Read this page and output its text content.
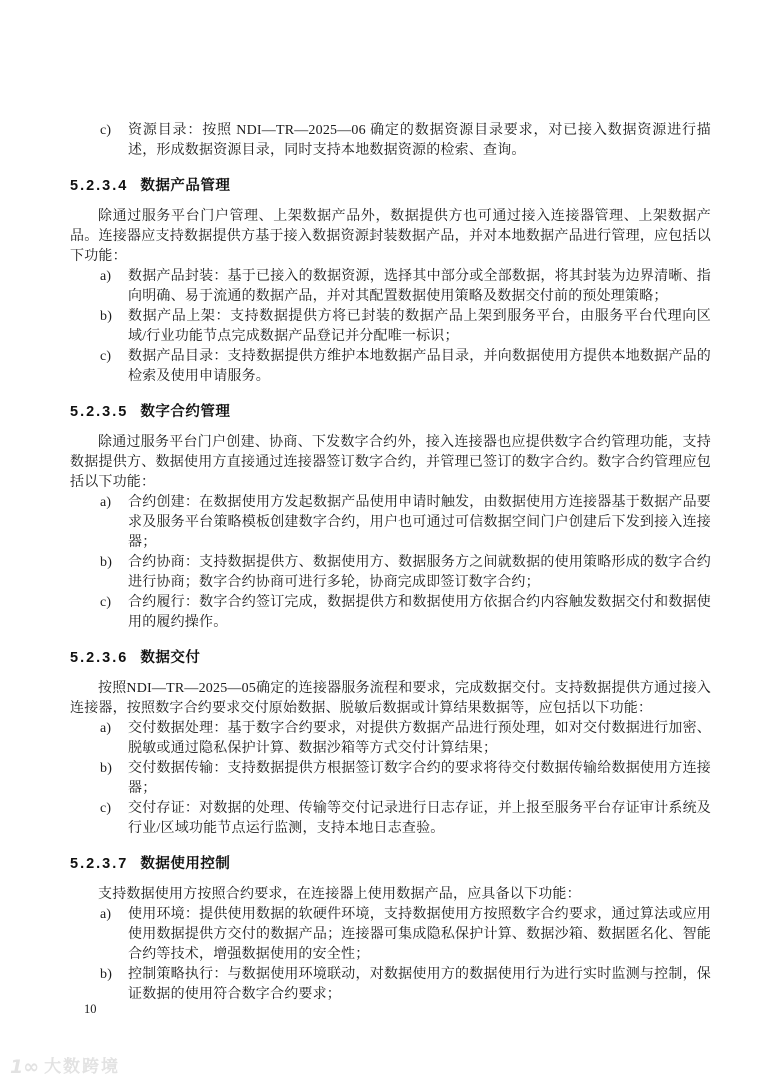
c) 资源目录：按照 NDI—TR—2025—06 确定的数据资源目录要求，对已接入数据资源进行描述，形成数据资源目录，同时支持本地数据资源的检索、查询。
5.2.3.4 数据产品管理

除通过服务平台门户管理、上架数据产品外，数据提供方也可通过接入连接器管理、上架数据产品。连接器应支持数据提供方基于接入数据资源封装数据产品，并对本地数据产品进行管理，应包括以下功能：

a) 数据产品封装：基于已接入的数据资源，选择其中部分或全部数据，将其封装为边界清晰、指向明确、易于流通的数据产品，并对其配置数据使用策略及数据交付前的预处理策略；
b) 数据产品上架：支持数据提供方将已封装的数据产品上架到服务平台，由服务平台代理向区域/行业功能节点完成数据产品登记并分配唯一标识；
c) 数据产品目录：支持数据提供方维护本地数据产品目录，并向数据使用方提供本地数据产品的检索及使用申请服务。
5.2.3.5 数字合约管理

除通过服务平台门户创建、协商、下发数字合约外，接入连接器也应提供数字合约管理功能，支持数据提供方、数据使用方直接通过连接器签订数字合约，并管理已签订的数字合约。数字合约管理应包括以下功能：

a) 合约创建：在数据使用方发起数据产品使用申请时触发，由数据使用方连接器基于数据产品要求及服务平台策略模板创建数字合约，用户也可通过可信数据空间门户创建后下发到接入连接器；
b) 合约协商：支持数据提供方、数据使用方、数据服务方之间就数据的使用策略形成的数字合约进行协商；数字合约协商可进行多轮，协商完成即签订数字合约；
c) 合约履行：数字合约签订完成，数据提供方和数据使用方依据合约内容触发数据交付和数据使用的履约操作。
5.2.3.6 数据交付

按照NDI—TR—2025—05确定的连接器服务流程和要求，完成数据交付。支持数据提供方通过接入连接器，按照数字合约要求交付原始数据、脱敏后数据或计算结果数据等，应包括以下功能：

a) 交付数据处理：基于数字合约要求，对提供方数据产品进行预处理，如对交付数据进行加密、脱敏或通过隐私保护计算、数据沙箱等方式交付计算结果；
b) 交付数据传输：支持数据提供方根据签订数字合约的要求将待交付数据传输给数据使用方连接器；
c) 交付存证：对数据的处理、传输等交付记录进行日志存证，并上报至服务平台存证审计系统及行业/区域功能节点运行监测，支持本地日志查验。
5.2.3.7 数据使用控制

支持数据使用方按照合约要求，在连接器上使用数据产品，应具备以下功能：

a) 使用环境：提供使用数据的软硬件环境，支持数据使用方按照数字合约要求，通过算法或应用使用数据提供方交付的数据产品；连接器可集成隐私保护计算、数据沙箱、数据匿名化、智能合约等技术，增强数据使用的安全性；
b) 控制策略执行：与数据使用环境联动，对数据使用方的数据使用行为进行实时监测与控制，保证数据的使用符合数字合约要求；
10
1∞ 大数跨境
